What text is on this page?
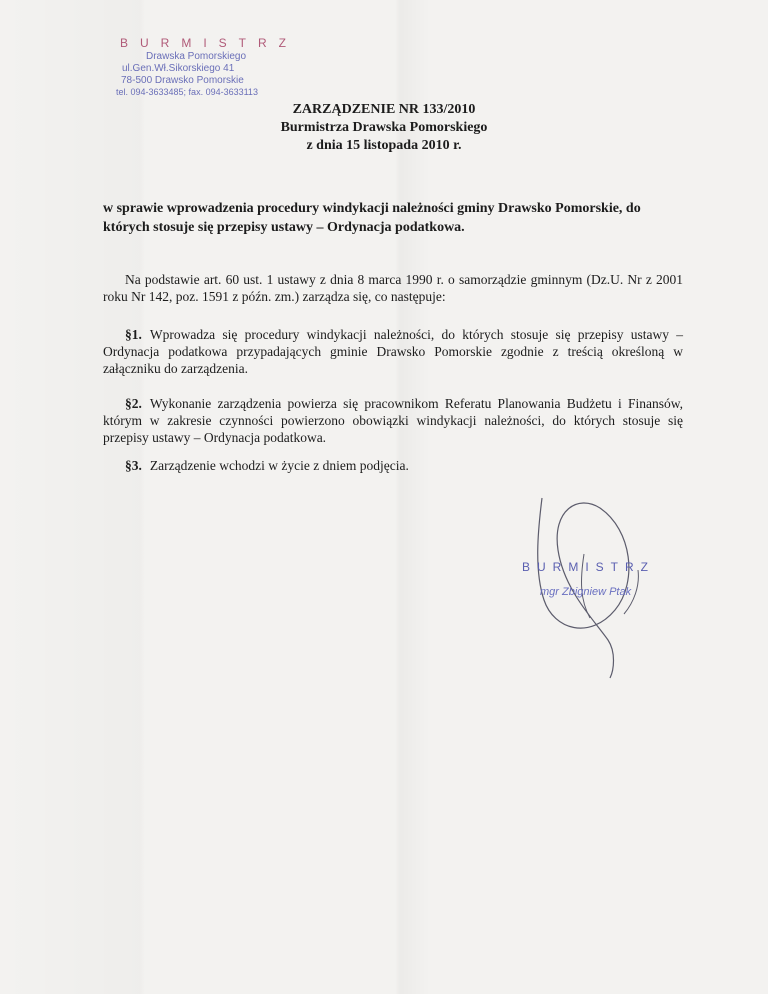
BURMISTRZ
Drawska Pomorskiego
ul.Gen.Wł.Sikorskiego 41
78-500 Drawsko Pomorskie
tel. 094-3633485; fax. 094-3633113
ZARZĄDZENIE NR 133/2010
Burmistrza Drawska Pomorskiego
z dnia 15 listopada 2010 r.
w sprawie wprowadzenia procedury windykacji należności gminy Drawsko Pomorskie, do których stosuje się przepisy ustawy – Ordynacja podatkowa.
Na podstawie art. 60 ust. 1 ustawy z dnia 8 marca 1990 r. o samorządzie gminnym (Dz.U. Nr z 2001 roku Nr 142, poz. 1591 z późn. zm.) zarządza się, co następuje:
§1. Wprowadza się procedury windykacji należności, do których stosuje się przepisy ustawy – Ordynacja podatkowa przypadających gminie Drawsko Pomorskie zgodnie z treścią określoną w załączniku do zarządzenia.
§2. Wykonanie zarządzenia powierza się pracownikom Referatu Planowania Budżetu i Finansów, którym w zakresie czynności powierzono obowiązki windykacji należności, do których stosuje się przepisy ustawy – Ordynacja podatkowa.
§3. Zarządzenie wchodzi w życie z dniem podjęcia.
BURMISTRZ
mgr Zbigniew Ptak
